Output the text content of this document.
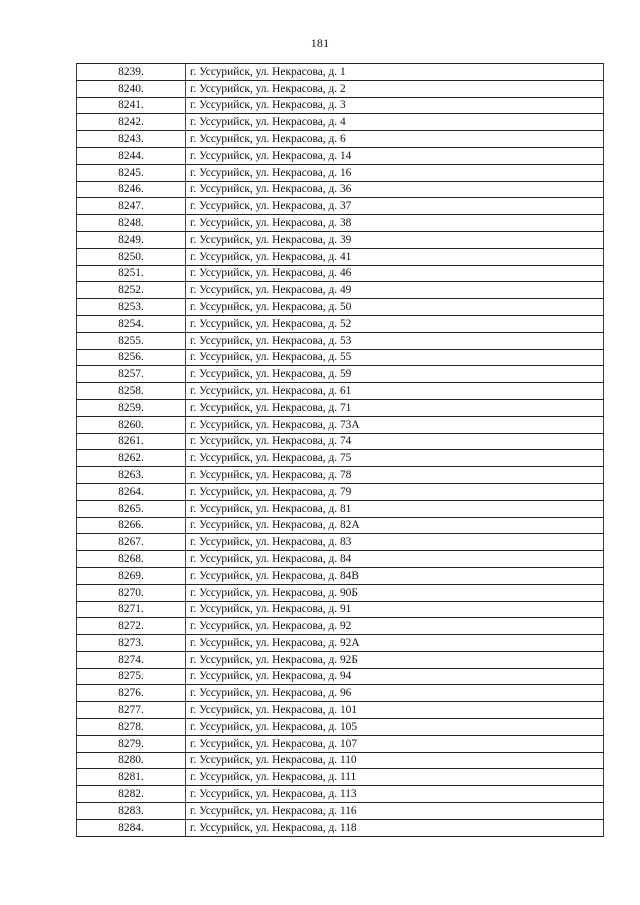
181
8239.	г. Уссурийск, ул. Некрасова, д. 1
8240.	г. Уссурийск, ул. Некрасова, д. 2
8241.	г. Уссурийск, ул. Некрасова, д. 3
8242.	г. Уссурийск, ул. Некрасова, д. 4
8243.	г. Уссурийск, ул. Некрасова, д. 6
8244.	г. Уссурийск, ул. Некрасова, д. 14
8245.	г. Уссурийск, ул. Некрасова, д. 16
8246.	г. Уссурийск, ул. Некрасова, д. 36
8247.	г. Уссурийск, ул. Некрасова, д. 37
8248.	г. Уссурийск, ул. Некрасова, д. 38
8249.	г. Уссурийск, ул. Некрасова, д. 39
8250.	г. Уссурийск, ул. Некрасова, д. 41
8251.	г. Уссурийск, ул. Некрасова, д. 46
8252.	г. Уссурийск, ул. Некрасова, д. 49
8253.	г. Уссурийск, ул. Некрасова, д. 50
8254.	г. Уссурийск, ул. Некрасова, д. 52
8255.	г. Уссурийск, ул. Некрасова, д. 53
8256.	г. Уссурийск, ул. Некрасова, д. 55
8257.	г. Уссурийск, ул. Некрасова, д. 59
8258.	г. Уссурийск, ул. Некрасова, д. 61
8259.	г. Уссурийск, ул. Некрасова, д. 71
8260.	г. Уссурийск, ул. Некрасова, д. 73А
8261.	г. Уссурийск, ул. Некрасова, д. 74
8262.	г. Уссурийск, ул. Некрасова, д. 75
8263.	г. Уссурийск, ул. Некрасова, д. 78
8264.	г. Уссурийск, ул. Некрасова, д. 79
8265.	г. Уссурийск, ул. Некрасова, д. 81
8266.	г. Уссурийск, ул. Некрасова, д. 82А
8267.	г. Уссурийск, ул. Некрасова, д. 83
8268.	г. Уссурийск, ул. Некрасова, д. 84
8269.	г. Уссурийск, ул. Некрасова, д. 84В
8270.	г. Уссурийск, ул. Некрасова, д. 90Б
8271.	г. Уссурийск, ул. Некрасова, д. 91
8272.	г. Уссурийск, ул. Некрасова, д. 92
8273.	г. Уссурийск, ул. Некрасова, д. 92А
8274.	г. Уссурийск, ул. Некрасова, д. 92Б
8275.	г. Уссурийск, ул. Некрасова, д. 94
8276.	г. Уссурийск, ул. Некрасова, д. 96
8277.	г. Уссурийск, ул. Некрасова, д. 101
8278.	г. Уссурийск, ул. Некрасова, д. 105
8279.	г. Уссурийск, ул. Некрасова, д. 107
8280.	г. Уссурийск, ул. Некрасова, д. 110
8281.	г. Уссурийск, ул. Некрасова, д. 111
8282.	г. Уссурийск, ул. Некрасова, д. 113
8283.	г. Уссурийск, ул. Некрасова, д. 116
8284.	г. Уссурийск, ул. Некрасова, д. 118
